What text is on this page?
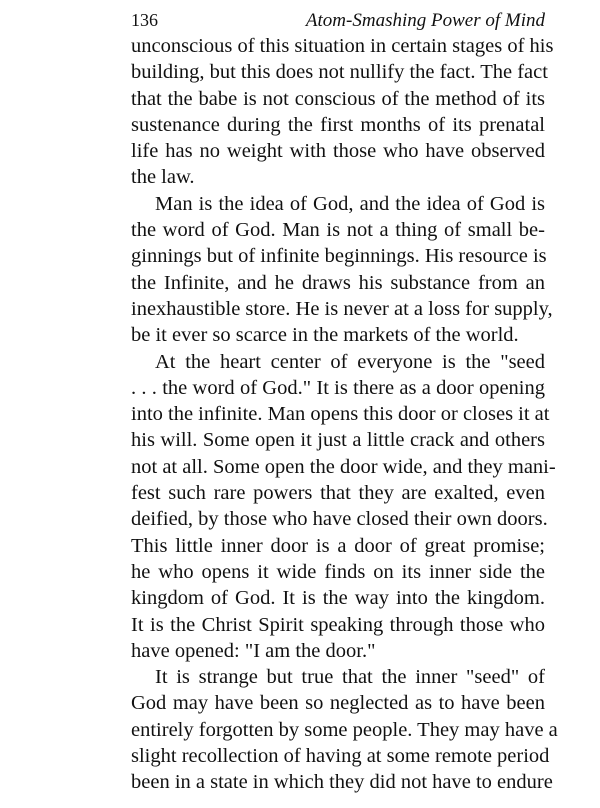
136	Atom-Smashing Power of Mind
unconscious of this situation in certain stages of his
building, but this does not nullify the fact. The fact
that the babe is not conscious of the method of its
sustenance during the first months of its prenatal
life has no weight with those who have observed
the law.
Man is the idea of God, and the idea of God is
the word of God. Man is not a thing of small be-
ginnings but of infinite beginnings. His resource is
the Infinite, and he draws his substance from an
inexhaustible store. He is never at a loss for supply,
be it ever so scarce in the markets of the world.
At the heart center of everyone is the "seed
. . . the word of God." It is there as a door opening
into the infinite. Man opens this door or closes it at
his will. Some open it just a little crack and others
not at all. Some open the door wide, and they mani-
fest such rare powers that they are exalted, even
deified, by those who have closed their own doors.
This little inner door is a door of great promise;
he who opens it wide finds on its inner side the
kingdom of God. It is the way into the kingdom.
It is the Christ Spirit speaking through those who
have opened: "I am the door."
It is strange but true that the inner "seed" of
God may have been so neglected as to have been
entirely forgotten by some people. They may have a
slight recollection of having at some remote period
been in a state in which they did not have to endure
